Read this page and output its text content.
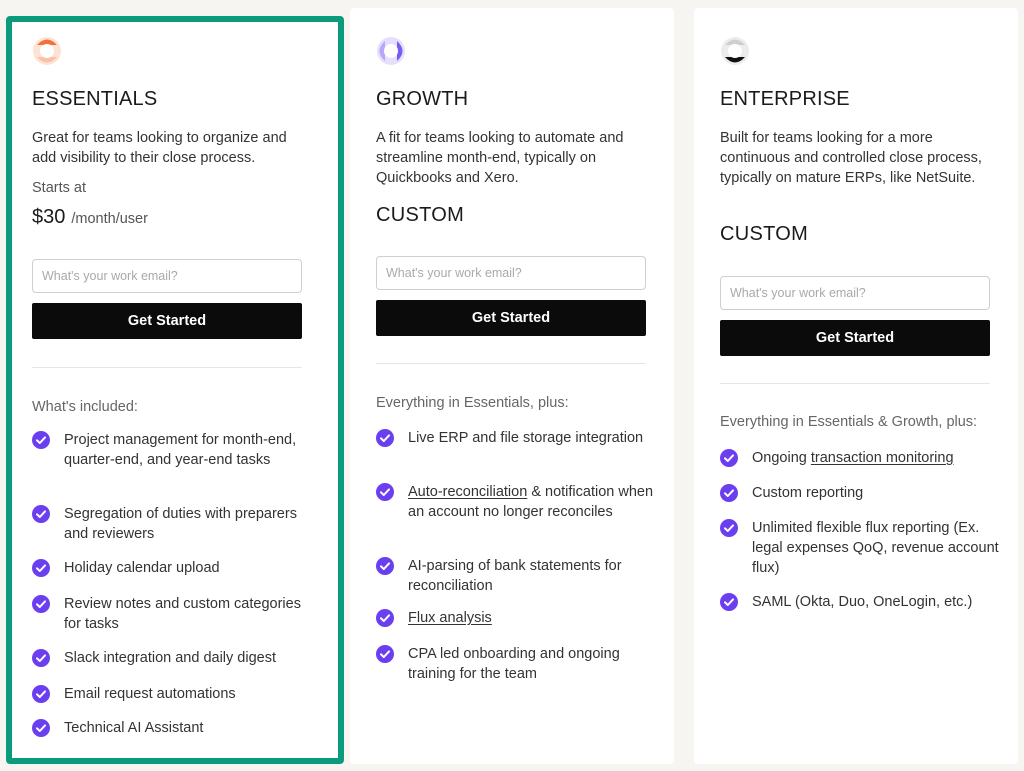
ESSENTIALS
Great for teams looking to organize and add visibility to their close process.
Starts at
$30 /month/user
What's your work email?
Get Started
What's included:
Project management for month-end, quarter-end, and year-end tasks
Segregation of duties with preparers and reviewers
Holiday calendar upload
Review notes and custom categories for tasks
Slack integration and daily digest
Email request automations
Technical AI Assistant
GROWTH
A fit for teams looking to automate and streamline month-end, typically on Quickbooks and Xero.
CUSTOM
What's your work email?
Get Started
Everything in Essentials, plus:
Live ERP and file storage integration
Auto-reconciliation & notification when an account no longer reconciles
AI-parsing of bank statements for reconciliation
Flux analysis
CPA led onboarding and ongoing training for the team
ENTERPRISE
Built for teams looking for a more continuous and controlled close process, typically on mature ERPs, like NetSuite.
CUSTOM
What's your work email?
Get Started
Everything in Essentials & Growth, plus:
Ongoing transaction monitoring
Custom reporting
Unlimited flexible flux reporting (Ex. legal expenses QoQ, revenue account flux)
SAML (Okta, Duo, OneLogin, etc.)
